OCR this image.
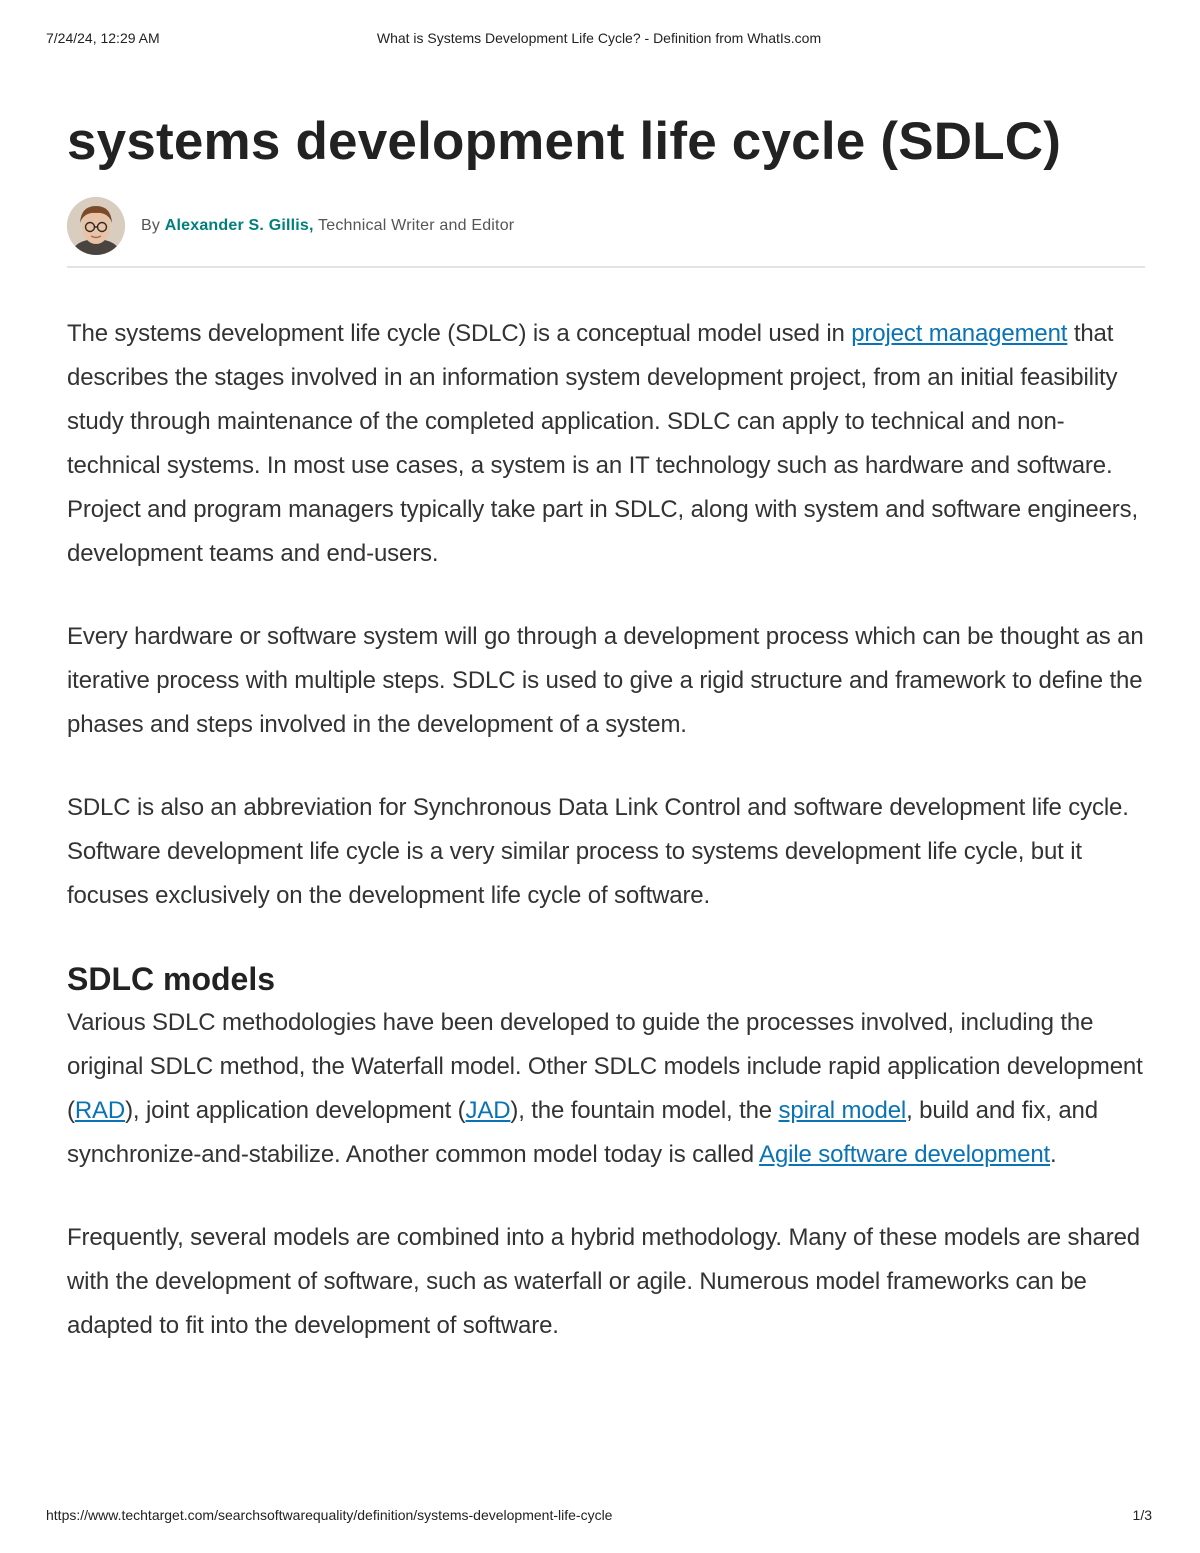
7/24/24, 12:29 AM	What is Systems Development Life Cycle? - Definition from WhatIs.com
systems development life cycle (SDLC)
By Alexander S. Gillis, Technical Writer and Editor

The systems development life cycle (SDLC) is a conceptual model used in project management that describes the stages involved in an information system development project, from an initial feasibility study through maintenance of the completed application. SDLC can apply to technical and non-technical systems. In most use cases, a system is an IT technology such as hardware and software. Project and program managers typically take part in SDLC, along with system and software engineers, development teams and end-users.

Every hardware or software system will go through a development process which can be thought as an iterative process with multiple steps. SDLC is used to give a rigid structure and framework to define the phases and steps involved in the development of a system.

SDLC is also an abbreviation for Synchronous Data Link Control and software development life cycle. Software development life cycle is a very similar process to systems development life cycle, but it focuses exclusively on the development life cycle of software.

SDLC models

Various SDLC methodologies have been developed to guide the processes involved, including the original SDLC method, the Waterfall model. Other SDLC models include rapid application development (RAD), joint application development (JAD), the fountain model, the spiral model, build and fix, and synchronize-and-stabilize. Another common model today is called Agile software development.

Frequently, several models are combined into a hybrid methodology. Many of these models are shared with the development of software, such as waterfall or agile. Numerous model frameworks can be adapted to fit into the development of software.

https://www.techtarget.com/searchsoftwarequality/definition/systems-development-life-cycle	1/3
